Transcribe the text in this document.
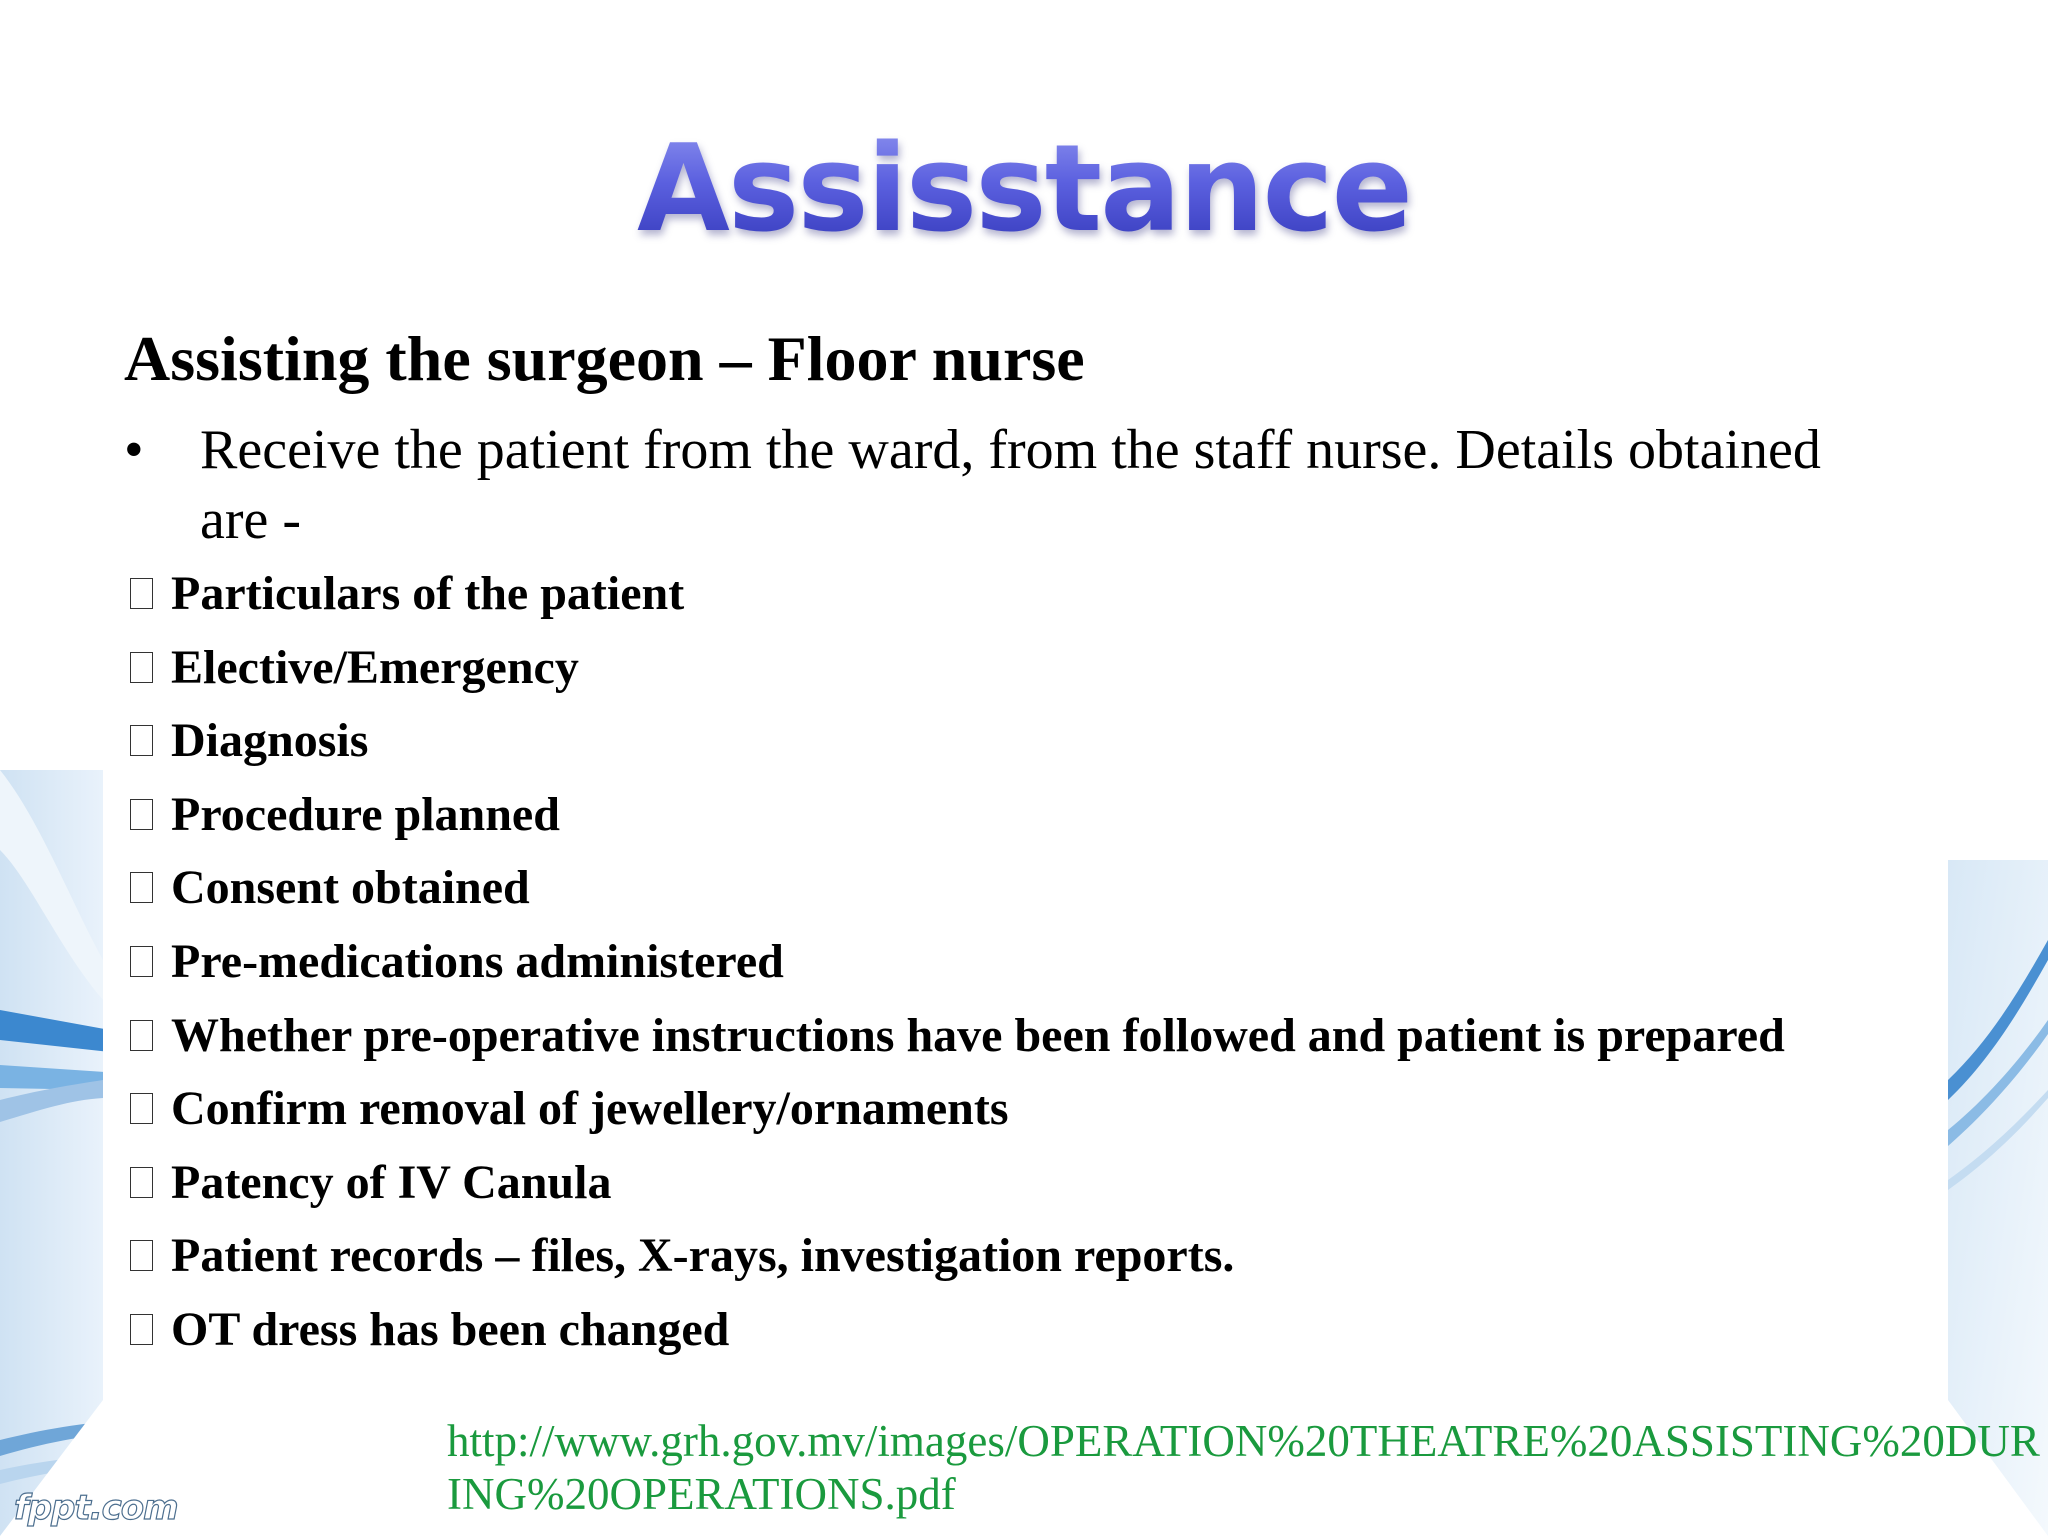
Assisstance
Assisting the surgeon – Floor nurse
• Receive the patient from the ward, from the staff nurse. Details obtained are -
Particulars of the patient
Elective/Emergency
Diagnosis
Procedure planned
Consent obtained
Pre-medications administered
Whether pre-operative instructions have been followed and patient is prepared
Confirm removal of jewellery/ornaments
Patency of IV Canula
Patient records – files, X-rays, investigation reports.
OT dress has been changed
http://www.grh.gov.mv/images/OPERATION%20THEATRE%20ASSISTING%20DURING%20OPERATIONS.pdf
fppt.com
